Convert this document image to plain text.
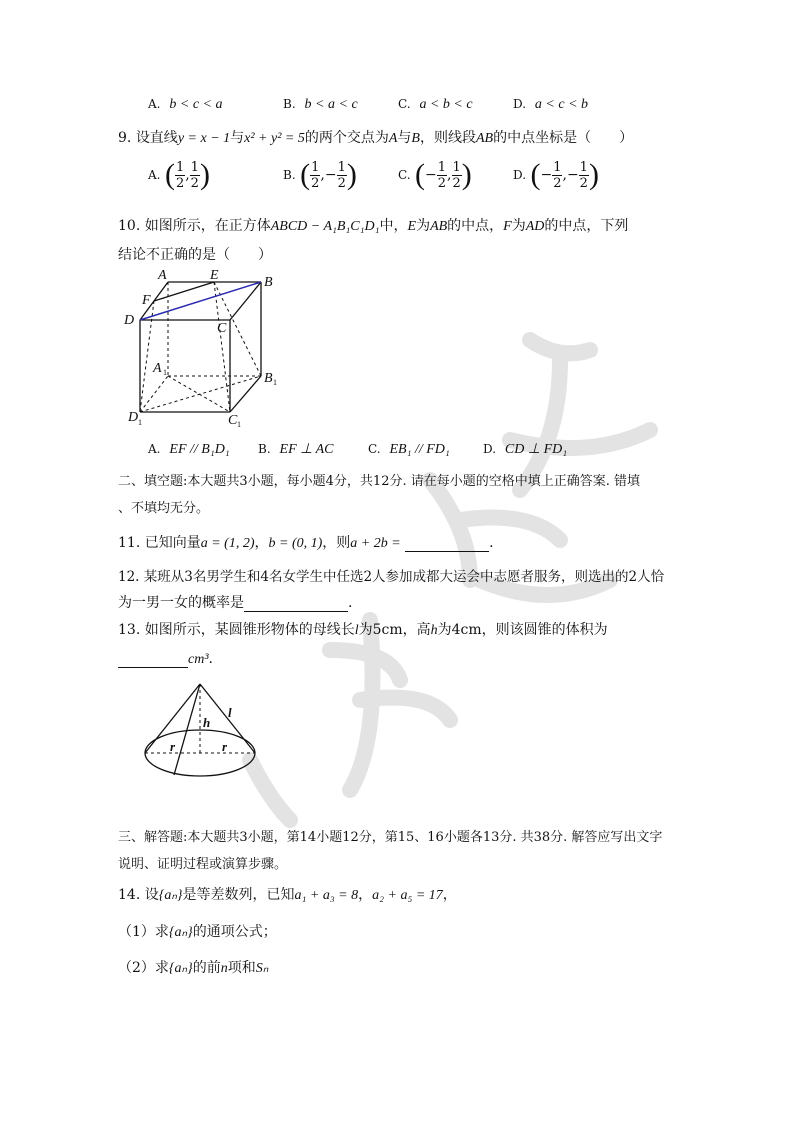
A. b < c < a	B. b < a < c	C. a < b < c	D. a < c < b
9. 设直线y = x − 1与x² + y² = 5的两个交点为A与B，则线段AB的中点坐标是（　　）
A. ( $\frac{1}{2}$ , $\frac{1}{2}$ )	B. ( $\frac{1}{2}$ ,− $\frac{1}{2}$ )	C. (− $\frac{1}{2}$ , $\frac{1}{2}$ )	D. (− $\frac{1}{2}$ ,− $\frac{1}{2}$ )
10. 如图所示，在正方体ABCD − A₁B₁C₁D₁中，E为AB的中点，F为AD的中点，下列
结论不正确的是（　　）
A	E	B
F
D
C
A
B
C
D
1
1
1
1
A. EF // B₁D₁ B. EF ⊥ AC	C. EB₁ // FD₁	D. CD ⊥ FD₁
二、填空题:本大题共3小题，每小题4分，共12分. 请在每小题的空格中填上正确答案. 错填
、不填均无分。
11. 已知向量a = (1, 2)，b = (0, 1)，则a + 2b =	.
12. 某班从3名男学生和4名女学生中任选2人参加成都大运会中志愿者服务，则选出的2人恰
为一男一女的概率是	.
13. 如图所示，某圆锥形物体的母线长l为5cm，高h为4cm，则该圆锥的体积为
cm³.
l
h
r	r
三、解答题:本大题共3小题，第14小题12分，第15、16小题各13分. 共38分. 解答应写出文字
说明、证明过程或演算步骤。
14. 设{aₙ}是等差数列，已知a₁ + a₃ = 8，a₂ + a₅ = 17，
（1）求{aₙ}的通项公式；
（2）求{aₙ}的前n项和Sₙ
